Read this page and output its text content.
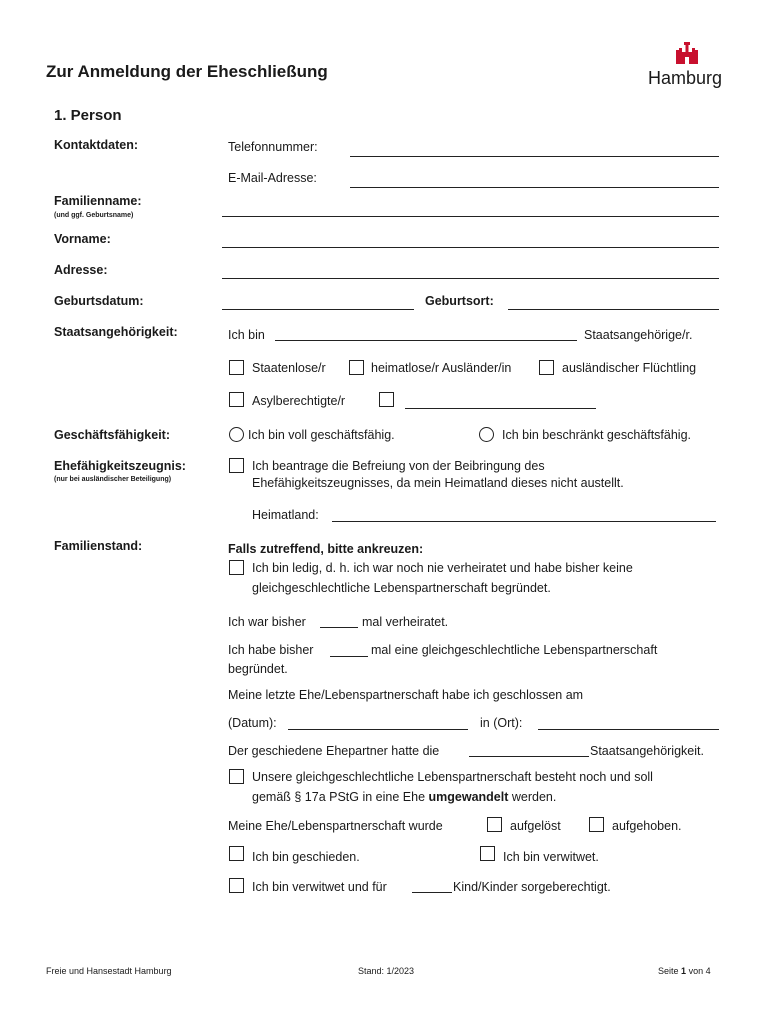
Zur Anmeldung der Eheschließung	Hamburg
1. Person
Kontaktdaten:	Telefonnummer:
E-Mail-Adresse:
Familienname:
(und ggf. Geburtsname)
Vorname:
Adresse:
Geburtsdatum:	Geburtsort:
Staatsangehörigkeit:	Ich bin	Staatsangehörige/r.
Staatenlose/r	heimatlose/r Ausländer/in	ausländischer Flüchtling
Asylberechtigte/r
Geschäftsfähigkeit:	Ich bin voll geschäftsfähig.	Ich bin beschränkt geschäftsfähig.
Ehefähigkeitszeugnis:
(nur bei ausländischer Beteiligung)
Ich beantrage die Befreiung von der Beibringung des
Ehefähigkeitszeugnisses, da mein Heimatland dieses nicht austellt.
Heimatland:
Familienstand:	Falls zutreffend, bitte ankreuzen:
Ich bin ledig, d. h. ich war noch nie verheiratet und habe bisher keine
gleichgeschlechtliche Lebenspartnerschaft begründet.
Ich war bisher	mal verheiratet.
Ich habe bisher	mal eine gleichgeschlechtliche Lebenspartnerschaft
begründet.
Meine letzte Ehe/Lebenspartnerschaft habe ich geschlossen am
(Datum):	in (Ort):
Der geschiedene Ehepartner hatte die	Staatsangehörigkeit.
Unsere gleichgeschlechtliche Lebenspartnerschaft besteht noch und soll
gemäß § 17a PStG in eine Ehe umgewandelt werden.
Meine Ehe/Lebenspartnerschaft wurde	aufgelöst	aufgehoben.
Ich bin geschieden.	Ich bin verwitwet.
Ich bin verwitwet und für	Kind/Kinder sorgeberechtigt.
Freie und Hansestadt Hamburg	Stand: 1/2023	Seite 1 von 4
